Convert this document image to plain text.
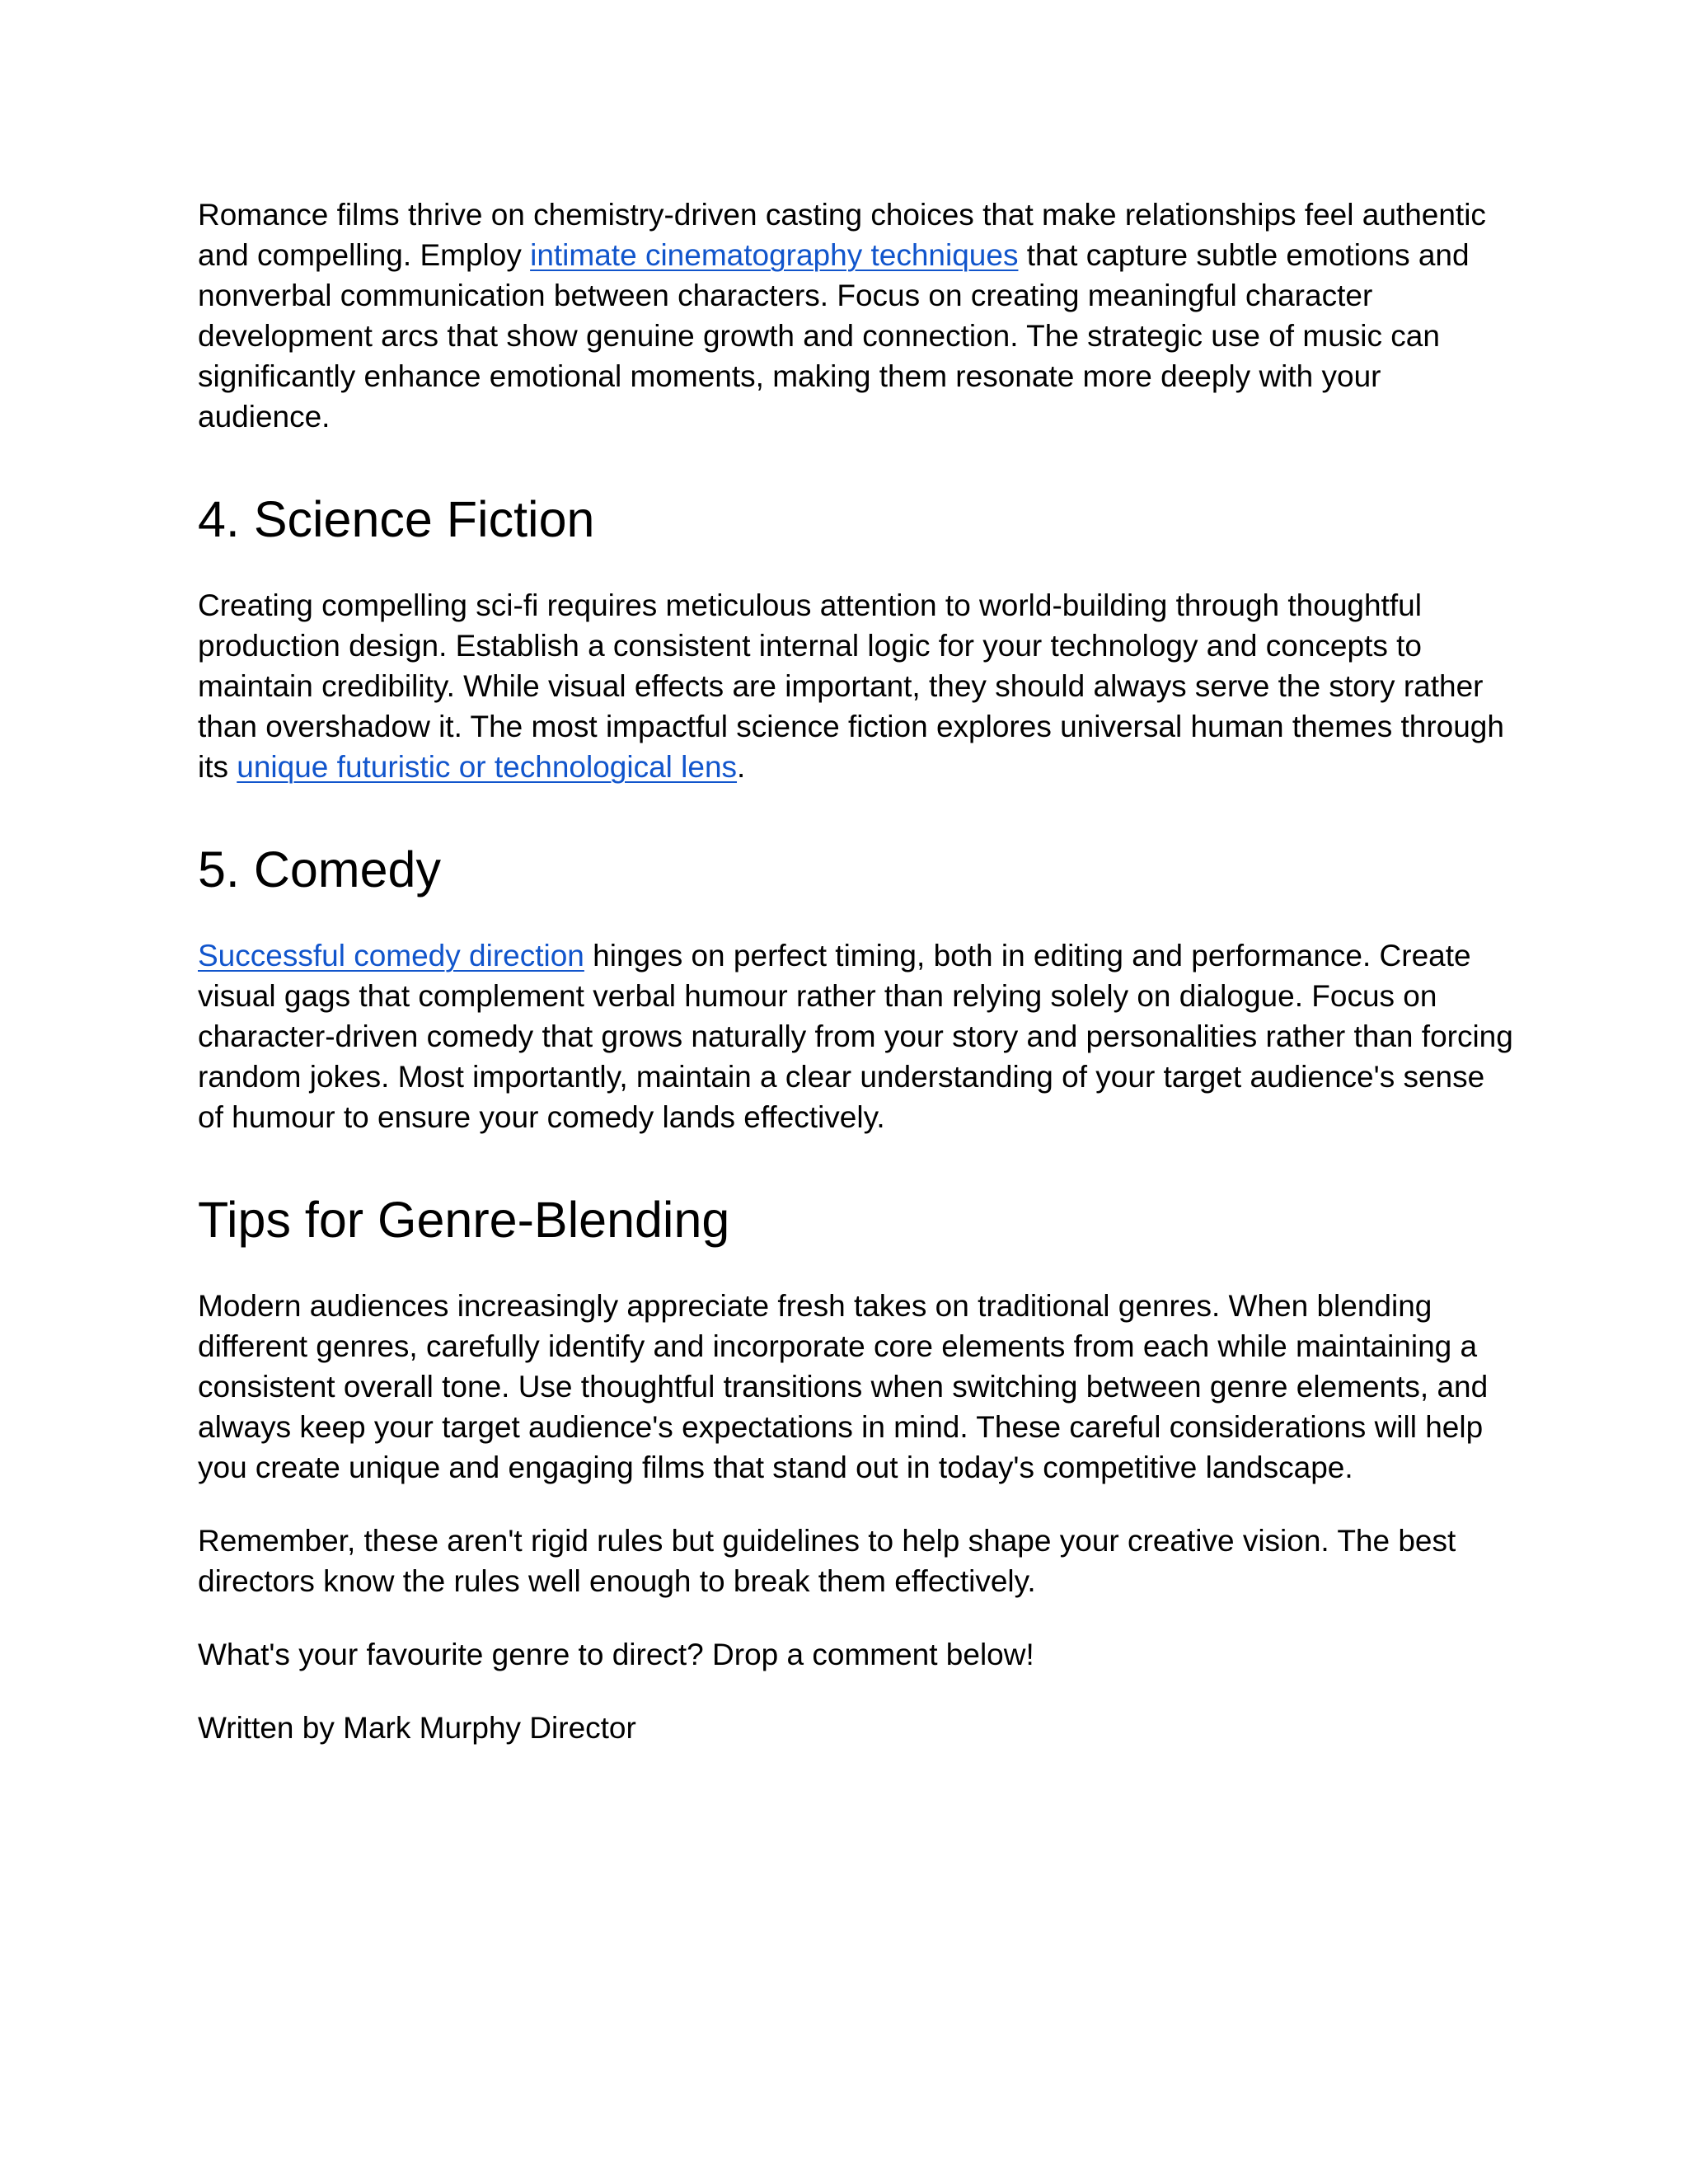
Romance films thrive on chemistry-driven casting choices that make relationships feel authentic and compelling. Employ intimate cinematography techniques that capture subtle emotions and nonverbal communication between characters. Focus on creating meaningful character development arcs that show genuine growth and connection. The strategic use of music can significantly enhance emotional moments, making them resonate more deeply with your audience.

4. Science Fiction

Creating compelling sci-fi requires meticulous attention to world-building through thoughtful production design. Establish a consistent internal logic for your technology and concepts to maintain credibility. While visual effects are important, they should always serve the story rather than overshadow it. The most impactful science fiction explores universal human themes through its unique futuristic or technological lens.

5. Comedy

Successful comedy direction hinges on perfect timing, both in editing and performance. Create visual gags that complement verbal humour rather than relying solely on dialogue. Focus on character-driven comedy that grows naturally from your story and personalities rather than forcing random jokes. Most importantly, maintain a clear understanding of your target audience's sense of humour to ensure your comedy lands effectively.

Tips for Genre-Blending

Modern audiences increasingly appreciate fresh takes on traditional genres. When blending different genres, carefully identify and incorporate core elements from each while maintaining a consistent overall tone. Use thoughtful transitions when switching between genre elements, and always keep your target audience's expectations in mind. These careful considerations will help you create unique and engaging films that stand out in today's competitive landscape.

Remember, these aren't rigid rules but guidelines to help shape your creative vision. The best directors know the rules well enough to break them effectively.

What's your favourite genre to direct? Drop a comment below!

Written by Mark Murphy Director
